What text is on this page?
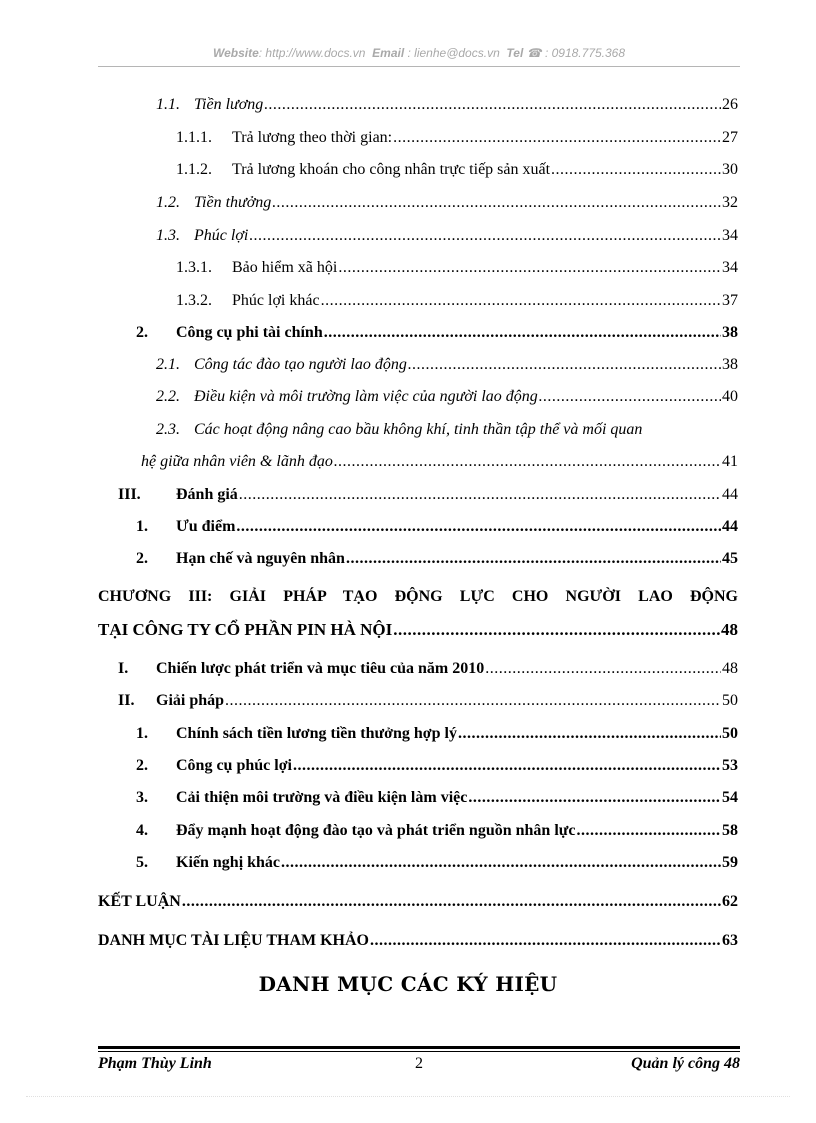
Website: http://www.docs.vn Email : lienhe@docs.vn Tel ☎ : 0918.775.368
1.1. Tiền lương .....	26
1.1.1.	Trả lương theo thời gian: .....	27
1.1.2.	Trả lương khoán cho công nhân trực tiếp sản xuất .....	30
1.2. Tiền thưởng .....	32
1.3. Phúc lợi .....	34
1.3.1.	Bảo hiểm xã hội .....	34
1.3.2.	Phúc lợi khác .....	37
2.	Công cụ phi tài chính .....	38
2.1. Công tác đào tạo người lao động .....	38
2.2. Điều kiện và môi trường làm việc của người lao động .....	40
2.3. Các hoạt động nâng cao bầu không khí, tinh thần tập thể và mối quan
hệ giữa nhân viên & lãnh đạo .....	41
III.	Đánh giá .....	44
1.	Ưu điểm .....	44
2.	Hạn chế và nguyên nhân .....	45
CHƯƠNG III: GIẢI PHÁP TẠO ĐỘNG LỰC CHO NGƯỜI LAO ĐỘNG
TẠI CÔNG TY CỔ PHẦN PIN HÀ NỘI .....	48
I.	Chiến lược phát triển và mục tiêu của năm 2010 .....	48
II.	Giải pháp .....	50
1.	Chính sách tiền lương tiền thưởng hợp lý .....	50
2.	Công cụ phúc lợi .....	53
3.	Cải thiện môi trường và điều kiện làm việc .....	54
4.	Đẩy mạnh hoạt động đào tạo và phát triển nguồn nhân lực .....	58
5.	Kiến nghị khác .....	59
KẾT LUẬN .....	62
DANH MỤC TÀI LIỆU THAM KHẢO .....	63
DANH MỤC CÁC KÝ HIỆU
Phạm Thùy Linh	2	Quản lý công 48
